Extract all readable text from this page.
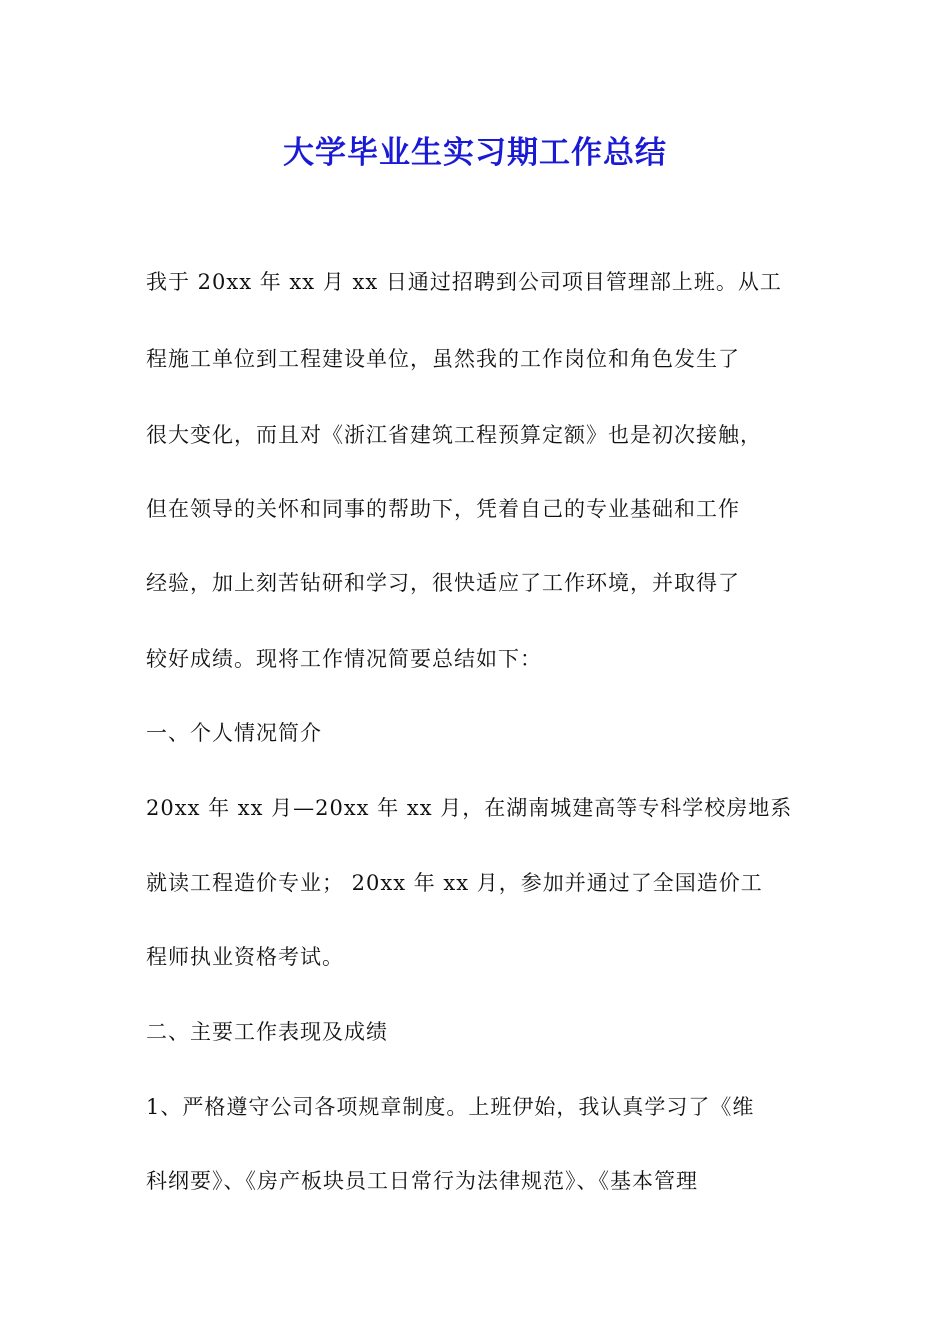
大学毕业生实习期工作总结
我于 20xx 年 xx 月 xx 日通过招聘到公司项目管理部上班。从工
程施工单位到工程建设单位，虽然我的工作岗位和角色发生了
很大变化，而且对《浙江省建筑工程预算定额》也是初次接触，
但在领导的关怀和同事的帮助下，凭着自己的专业基础和工作
经验，加上刻苦钻研和学习，很快适应了工作环境，并取得了
较好成绩。现将工作情况简要总结如下：
一、个人情况简介
20xx 年 xx 月—20xx 年 xx 月，在湖南城建高等专科学校房地系
就读工程造价专业； 20xx 年 xx 月，参加并通过了全国造价工
程师执业资格考试。
二、主要工作表现及成绩
1、严格遵守公司各项规章制度。上班伊始，我认真学习了《维
科纲要》、《房产板块员工日常行为法律规范》、《基本管理
